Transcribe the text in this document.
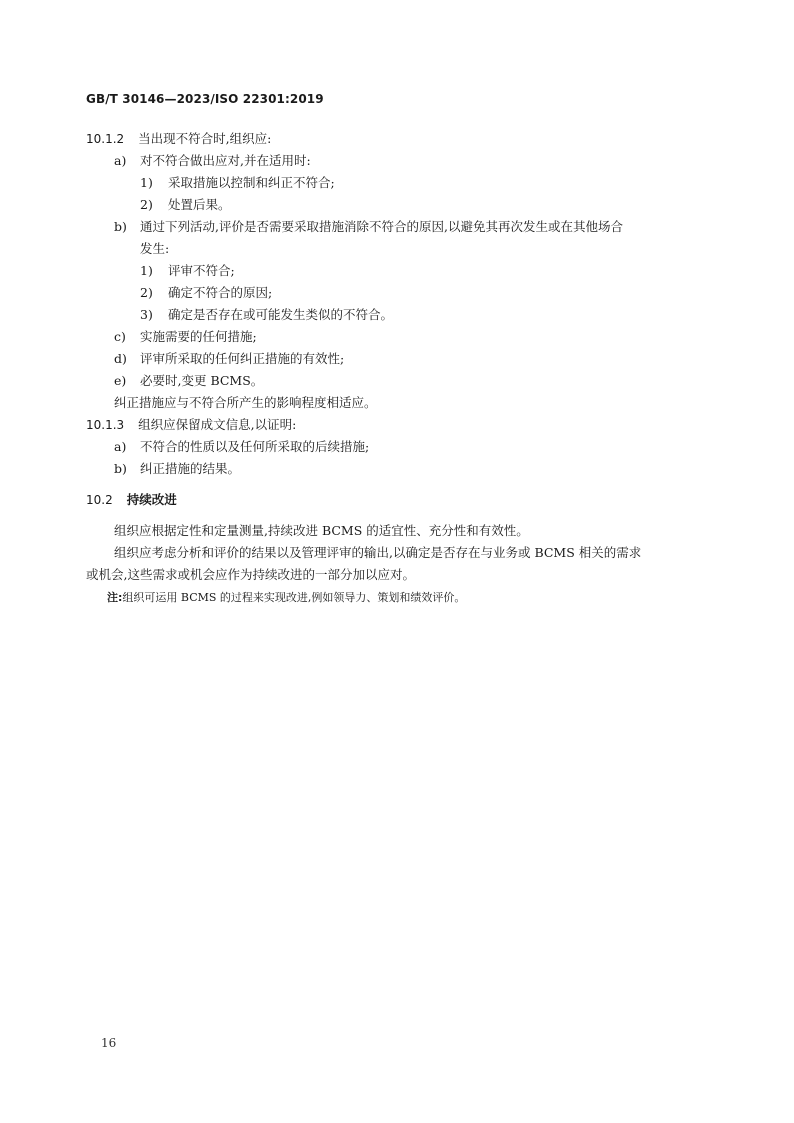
GB/T 30146—2023/ISO 22301:2019
10.1.2 当出现不符合时,组织应:
a) 对不符合做出应对,并在适用时:
1) 采取措施以控制和纠正不符合;
2) 处置后果。
b) 通过下列活动,评价是否需要采取措施消除不符合的原因,以避免其再次发生或在其他场合
发生:
1) 评审不符合;
2) 确定不符合的原因;
3) 确定是否存在或可能发生类似的不符合。
c) 实施需要的任何措施;
d) 评审所采取的任何纠正措施的有效性;
e) 必要时,变更 BCMS。
纠正措施应与不符合所产生的影响程度相适应。
10.1.3 组织应保留成文信息,以证明:
a) 不符合的性质以及任何所采取的后续措施;
b) 纠正措施的结果。
10.2 持续改进
组织应根据定性和定量测量,持续改进 BCMS 的适宜性、充分性和有效性。
组织应考虑分析和评价的结果以及管理评审的输出,以确定是否存在与业务或 BCMS 相关的需求
或机会,这些需求或机会应作为持续改进的一部分加以应对。
注:组织可运用 BCMS 的过程来实现改进,例如领导力、策划和绩效评价。
16
